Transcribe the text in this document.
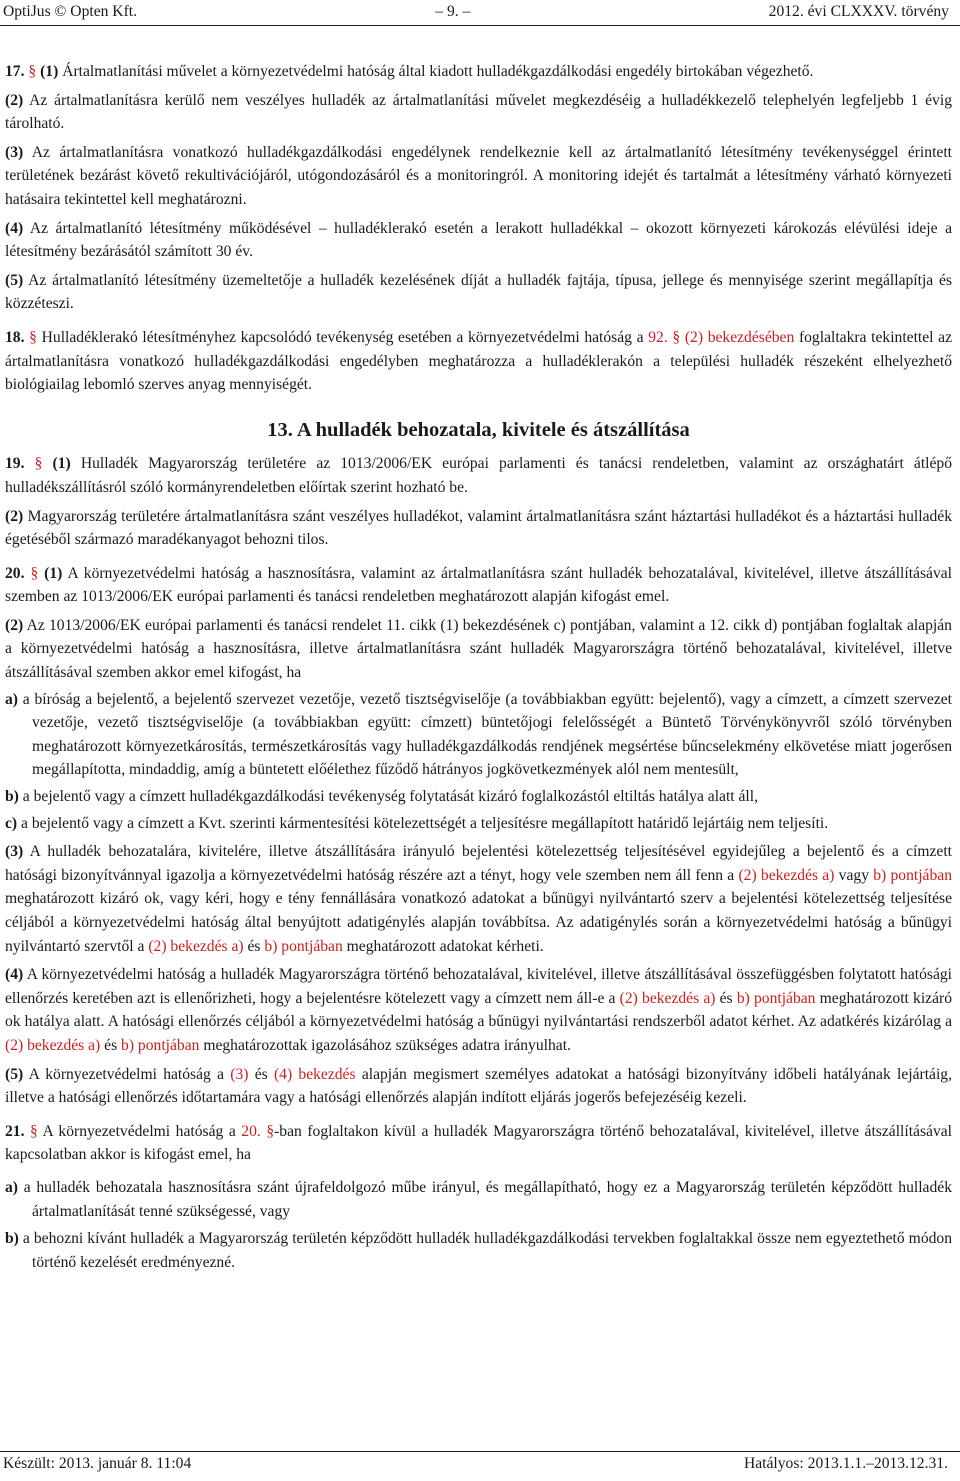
OptiJus © Opten Kft.	– 9. –	2012. évi CLXXXV. törvény

17. § (1) Ártalmatlanítási művelet a környezetvédelmi hatóság által kiadott hulladékgazdálkodási engedély birtokában végezhető.

(2) Az ártalmatlanításra kerülő nem veszélyes hulladék az ártalmatlanítási művelet megkezdéséig a hulladékkezelő telephelyén legfeljebb 1 évig tárolható.

(3) Az ártalmatlanításra vonatkozó hulladékgazdálkodási engedélynek rendelkeznie kell az ártalmatlanító létesítmény tevékenységgel érintett területének bezárást követő rekultivációjáról, utógondozásáról és a monitoringról. A monitoring idejét és tartalmát a létesítmény várható környezeti hatásaira tekintettel kell meghatározni.

(4) Az ártalmatlanító létesítmény működésével – hulladéklerakó esetén a lerakott hulladékkal – okozott környezeti károkozás elévülési ideje a létesítmény bezárásától számított 30 év.

(5) Az ártalmatlanító létesítmény üzemeltetője a hulladék kezelésének díját a hulladék fajtája, típusa, jellege és mennyisége szerint megállapítja és közzéteszi.

18. § Hulladéklerakó létesítményhez kapcsolódó tevékenység esetében a környezetvédelmi hatóság a 92. § (2) bekezdésében foglaltakra tekintettel az ártalmatlanításra vonatkozó hulladékgazdálkodási engedélyben meghatározza a hulladéklerakón a települési hulladék részeként elhelyezhető biológiailag lebomló szerves anyag mennyiségét.

13. A hulladék behozatala, kivitele és átszállítása

19. § (1) Hulladék Magyarország területére az 1013/2006/EK európai parlamenti és tanácsi rendeletben, valamint az országhatárt átlépő hulladékszállításról szóló kormányrendeletben előírtak szerint hozható be.

(2) Magyarország területére ártalmatlanításra szánt veszélyes hulladékot, valamint ártalmatlanításra szánt háztartási hulladékot és a háztartási hulladék égetéséből származó maradékanyagot behozni tilos.

20. § (1) A környezetvédelmi hatóság a hasznosításra, valamint az ártalmatlanításra szánt hulladék behozatalával, kivitelével, illetve átszállításával szemben az 1013/2006/EK európai parlamenti és tanácsi rendeletben meghatározott alapján kifogást emel.

(2) Az 1013/2006/EK európai parlamenti és tanácsi rendelet 11. cikk (1) bekezdésének c) pontjában, valamint a 12. cikk d) pontjában foglaltak alapján a környezetvédelmi hatóság a hasznosításra, illetve ártalmatlanításra szánt hulladék Magyarországra történő behozatalával, kivitelével, illetve átszállításával szemben akkor emel kifogást, ha

a) a bíróság a bejelentő, a bejelentő szervezet vezetője, vezető tisztségviselője (a továbbiakban együtt: bejelentő), vagy a címzett, a címzett szervezet vezetője, vezető tisztségviselője (a továbbiakban együtt: címzett) büntetőjogi felelősségét a Büntető Törvénykönyvről szóló törvényben meghatározott környezetkárosítás, természetkárosítás vagy hulladékgazdálkodás rendjének megsértése bűncselekmény elkövetése miatt jogerősen megállapította, mindaddig, amíg a büntetett előélethez fűződő hátrányos jogkövetkezmények alól nem mentesült,

b) a bejelentő vagy a címzett hulladékgazdálkodási tevékenység folytatását kizáró foglalkozástól eltiltás hatálya alatt áll,

c) a bejelentő vagy a címzett a Kvt. szerinti kármentesítési kötelezettségét a teljesítésre megállapított határidő lejártáig nem teljesíti.

(3) A hulladék behozatalára, kivitelére, illetve átszállítására irányuló bejelentési kötelezettség teljesítésével egyidejűleg a bejelentő és a címzett hatósági bizonyítvánnyal igazolja a környezetvédelmi hatóság részére azt a tényt, hogy vele szemben nem áll fenn a (2) bekezdés a) vagy b) pontjában meghatározott kizáró ok, vagy kéri, hogy e tény fennállására vonatkozó adatokat a bűnügyi nyilvántartó szerv a bejelentési kötelezettség teljesítése céljából a környezetvédelmi hatóság által benyújtott adatigénylés alapján továbbítsa. Az adatigénylés során a környezetvédelmi hatóság a bűnügyi nyilvántartó szervtől a (2) bekezdés a) és b) pontjában meghatározott adatokat kérheti.

(4) A környezetvédelmi hatóság a hulladék Magyarországra történő behozatalával, kivitelével, illetve átszállításával összefüggésben folytatott hatósági ellenőrzés keretében azt is ellenőrizheti, hogy a bejelentésre kötelezett vagy a címzett nem áll-e a (2) bekezdés a) és b) pontjában meghatározott kizáró ok hatálya alatt. A hatósági ellenőrzés céljából a környezetvédelmi hatóság a bűnügyi nyilvántartási rendszerből adatot kérhet. Az adatkérés kizárólag a (2) bekezdés a) és b) pontjában meghatározottak igazolásához szükséges adatra irányulhat.

(5) A környezetvédelmi hatóság a (3) és (4) bekezdés alapján megismert személyes adatokat a hatósági bizonyítvány időbeli hatályának lejártáig, illetve a hatósági ellenőrzés időtartamára vagy a hatósági ellenőrzés alapján indított eljárás jogerős befejezéséig kezeli.

21. § A környezetvédelmi hatóság a 20. §-ban foglaltakon kívül a hulladék Magyarországra történő behozatalával, kivitelével, illetve átszállításával kapcsolatban akkor is kifogást emel, ha

a) a hulladék behozatala hasznosításra szánt újrafeldolgozó műbe irányul, és megállapítható, hogy ez a Magyarország területén képződött hulladék ártalmatlanítását tenné szükségessé, vagy

b) a behozni kívánt hulladék a Magyarország területén képződött hulladék hulladékgazdálkodási tervekben foglaltakkal össze nem egyeztethető módon történő kezelését eredményezné.

Készült: 2013. január 8. 11:04	Hatályos: 2013.1.1.–2013.12.31.
